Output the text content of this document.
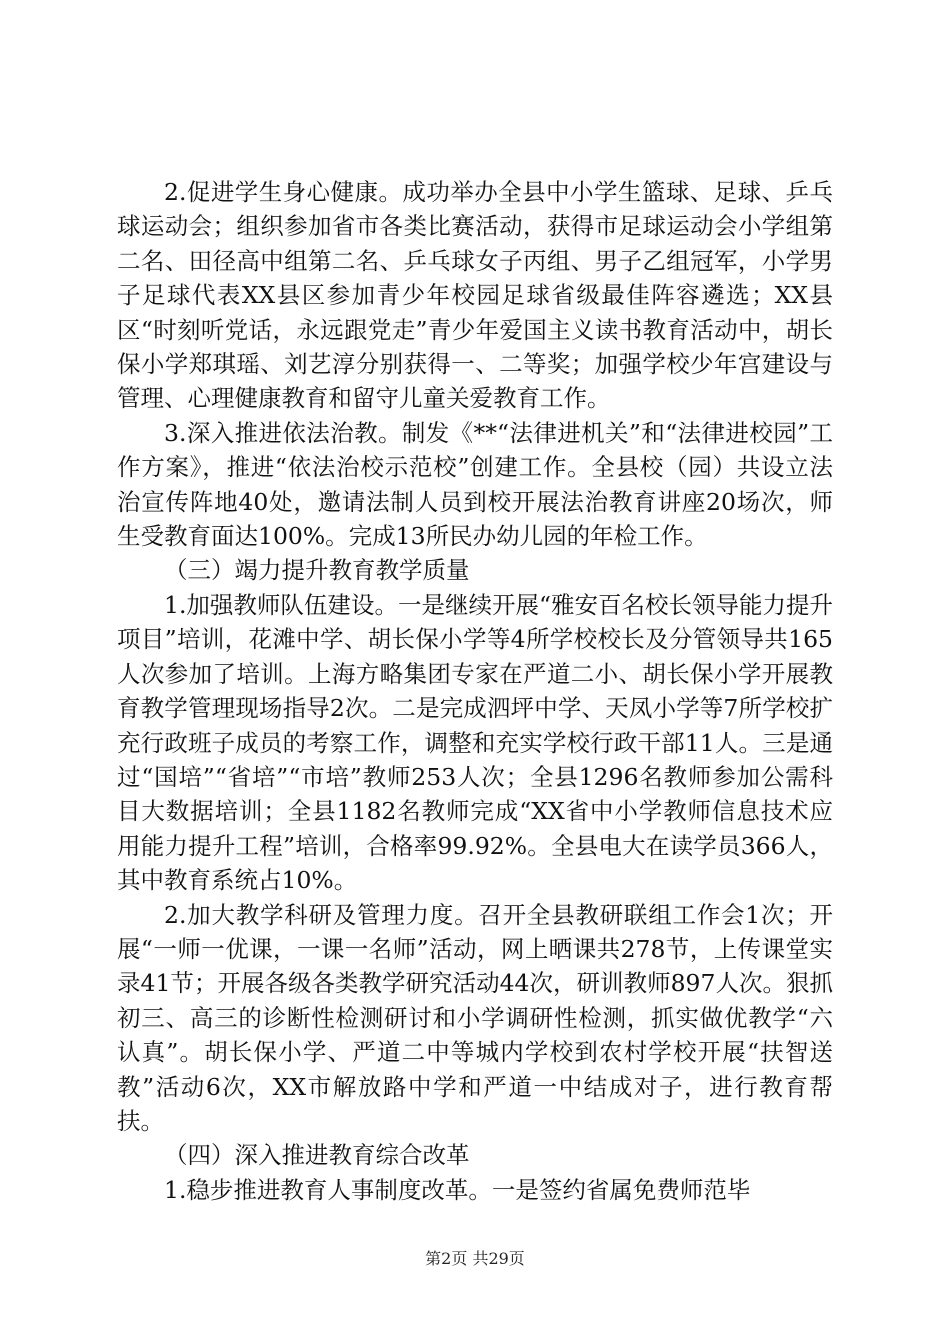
2.促进学生身心健康。成功举办全县中小学生篮球、足球、乒乓球运动会；组织参加省市各类比赛活动，获得市足球运动会小学组第二名、田径高中组第二名、乒乓球女子丙组、男子乙组冠军，小学男子足球代表XX县区参加青少年校园足球省级最佳阵容遴选；XX县区“时刻听党话，永远跟党走”青少年爱国主义读书教育活动中，胡长保小学郑琪瑶、刘艺淳分别获得一、二等奖；加强学校少年宫建设与管理、心理健康教育和留守儿童关爱教育工作。

3.深入推进依法治教。制发《**“法律进机关”和“法律进校园”工作方案》，推进“依法治校示范校”创建工作。全县校（园）共设立法治宣传阵地40处，邀请法制人员到校开展法治教育讲座20场次，师生受教育面达100%。完成13所民办幼儿园的年检工作。

（三）竭力提升教育教学质量

1.加强教师队伍建设。一是继续开展“雅安百名校长领导能力提升项目”培训，花滩中学、胡长保小学等4所学校校长及分管领导共165人次参加了培训。上海方略集团专家在严道二小、胡长保小学开展教育教学管理现场指导2次。二是完成泗坪中学、天凤小学等7所学校扩充行政班子成员的考察工作，调整和充实学校行政干部11人。三是通过“国培”“省培”“市培”教师253人次；全县1296名教师参加公需科目大数据培训；全县1182名教师完成“XX省中小学教师信息技术应用能力提升工程”培训，合格率99.92%。全县电大在读学员366人，其中教育系统占10%。

2.加大教学科研及管理力度。召开全县教研联组工作会1次；开展“一师一优课，一课一名师”活动，网上晒课共278节，上传课堂实录41节；开展各级各类教学研究活动44次，研训教师897人次。狠抓初三、高三的诊断性检测研讨和小学调研性检测，抓实做优教学“六认真”。胡长保小学、严道二中等城内学校到农村学校开展“扶智送教”活动6次，XX市解放路中学和严道一中结成对子，进行教育帮扶。

（四）深入推进教育综合改革

1.稳步推进教育人事制度改革。一是签约省属免费师范毕

第2页 共29页
